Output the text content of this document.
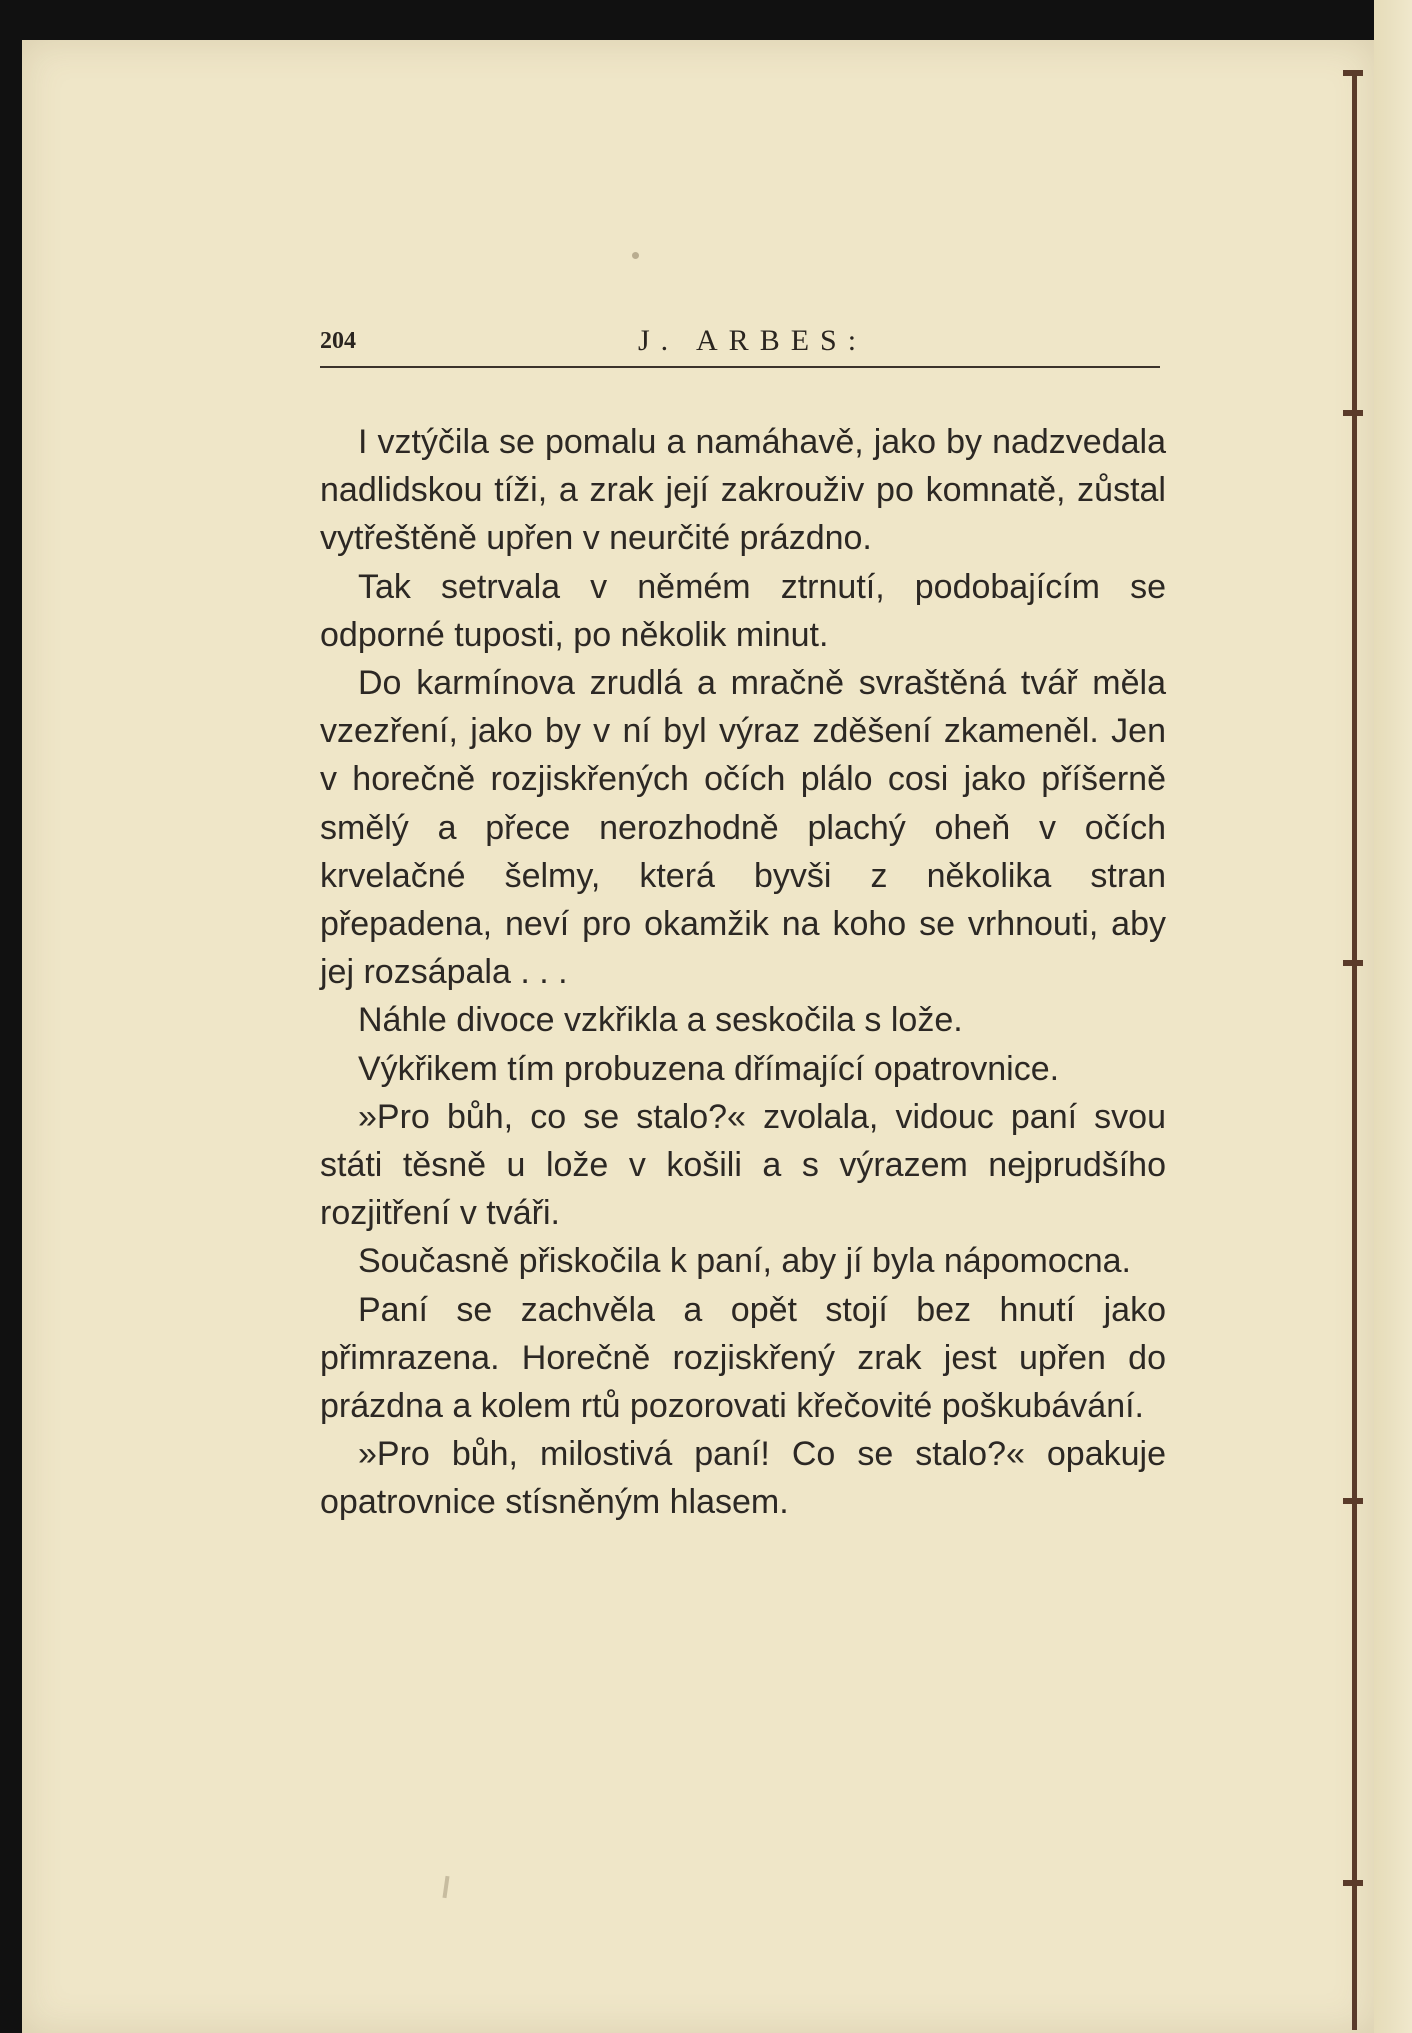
204	J. ARBES:

I vztýčila se pomalu a namáhavě, jako by nadzvedala nadlidskou tíži, a zrak její zakrouživ po komnatě, zůstal vytřeštěně upřen v neurčité prázdno.

Tak setrvala v němém ztrnutí, podobajícím se odporné tuposti, po několik minut.

Do karmínova zrudlá a mračně svraštěná tvář měla vzezření, jako by v ní byl výraz zděšení zkameněl. Jen v horečně rozjiskřených očích plálo cosi jako příšerně smělý a přece nerozhodně plachý oheň v očích krvelačné šelmy, která byvši z několika stran přepadena, neví pro okamžik na koho se vrhnouti, aby jej rozsápala . . .

Náhle divoce vzkřikla a seskočila s lože.

Výkřikem tím probuzena dřímající opatrovnice.

»Pro bůh, co se stalo?« zvolala, vidouc paní svou státi těsně u lože v košili a s výrazem nejprudšího rozjitření v tváři.

Současně přiskočila k paní, aby jí byla nápomocna.

Paní se zachvěla a opět stojí bez hnutí jako přimrazena. Horečně rozjiskřený zrak jest upřen do prázdna a kolem rtů pozorovati křečovité poškubávání.

»Pro bůh, milostivá paní! Co se stalo?« opakuje opatrovnice stísněným hlasem.
